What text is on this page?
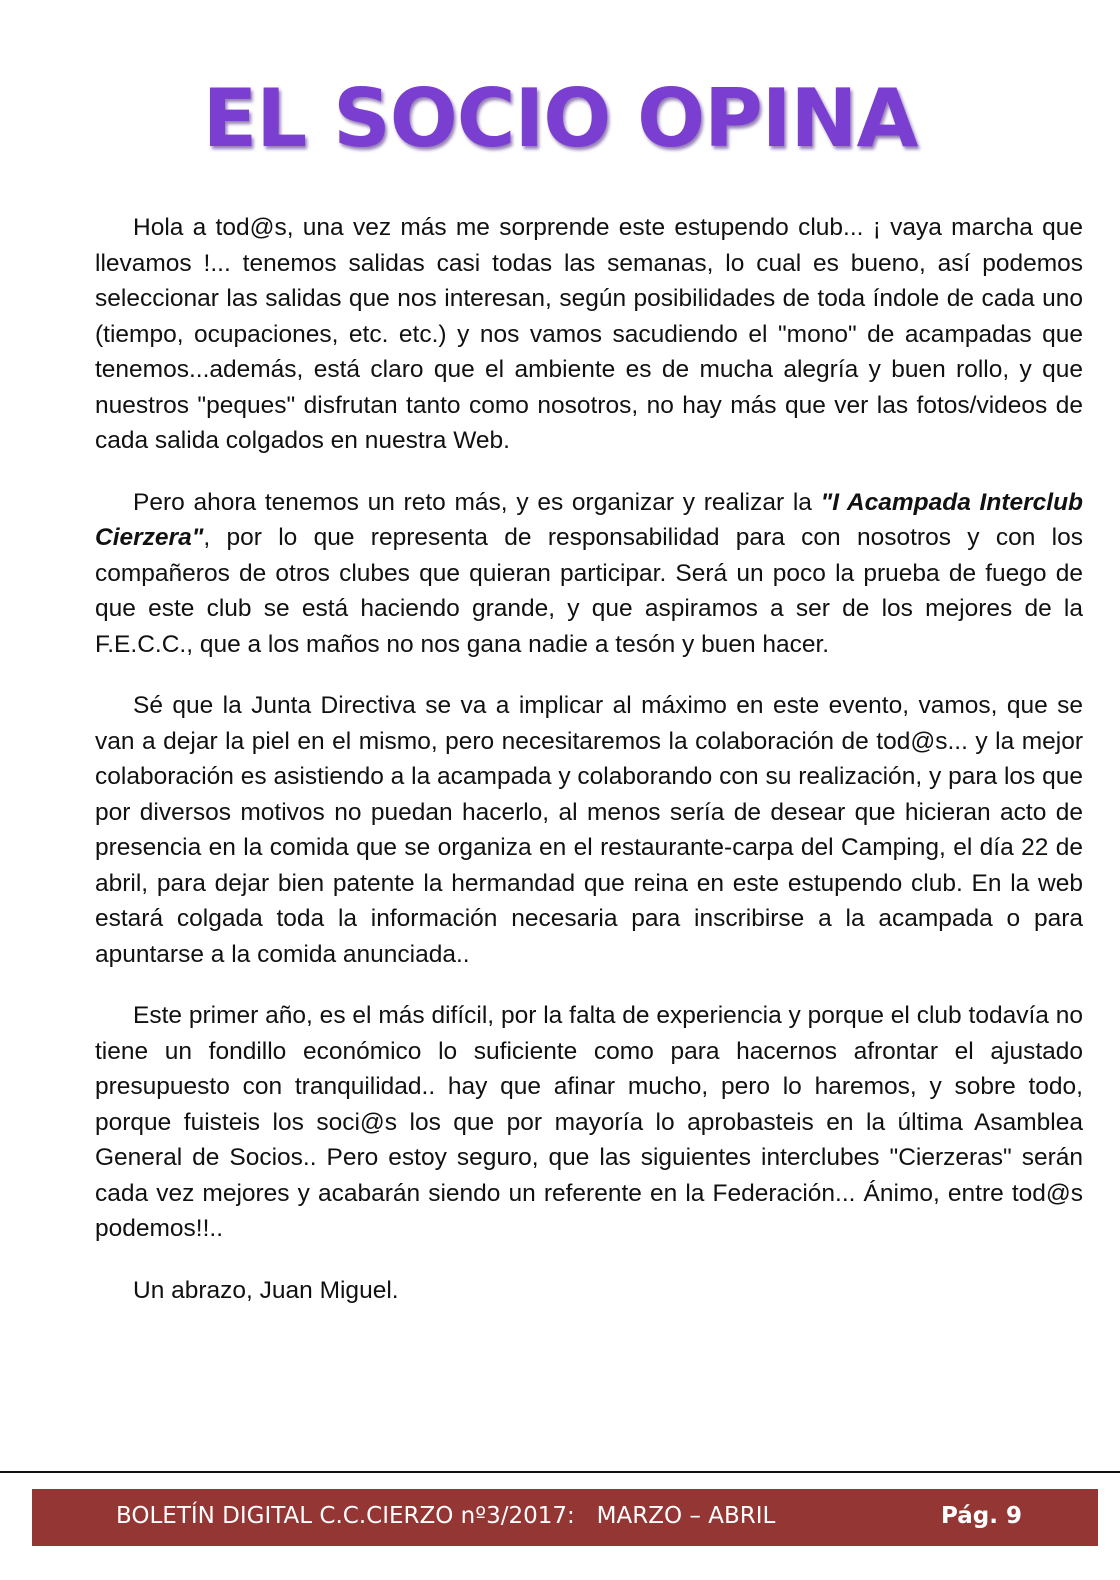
EL SOCIO OPINA

Hola a tod@s, una vez más me sorprende este estupendo club... ¡ vaya marcha que llevamos !... tenemos salidas casi todas las semanas, lo cual es bueno, así podemos seleccionar las salidas que nos interesan, según posibilidades de toda índole de cada uno (tiempo, ocupaciones, etc. etc.) y nos vamos sacudiendo el "mono" de acampadas que tenemos...además, está claro que el ambiente es de mucha alegría y buen rollo, y que nuestros "peques" disfrutan tanto como nosotros, no hay más que ver las fotos/videos de cada salida colgados en nuestra Web.

Pero ahora tenemos un reto más, y es organizar y realizar la "I Acampada Interclub Cierzera", por lo que representa de responsabilidad para con nosotros y con los compañeros de otros clubes que quieran participar. Será un poco la prueba de fuego de que este club se está haciendo grande, y que aspiramos a ser de los mejores de la F.E.C.C., que a los maños no nos gana nadie a tesón y buen hacer.

Sé que la Junta Directiva se va a implicar al máximo en este evento, vamos, que se van a dejar la piel en el mismo, pero necesitaremos la colaboración de tod@s... y la mejor colaboración es asistiendo a la acampada y colaborando con su realización, y para los que por diversos motivos no puedan hacerlo, al menos sería de desear que hicieran acto de presencia en la comida que se organiza en el restaurante-carpa del Camping, el día 22 de abril, para dejar bien patente la hermandad que reina en este estupendo club. En la web estará colgada toda la información necesaria para inscribirse a la acampada o para apuntarse a la comida anunciada..

Este primer año, es el más difícil, por la falta de experiencia y porque el club todavía no tiene un fondillo económico lo suficiente como para hacernos afrontar el ajustado presupuesto con tranquilidad.. hay que afinar mucho, pero lo haremos, y sobre todo, porque fuisteis los soci@s los que por mayoría lo aprobasteis en la última Asamblea General de Socios.. Pero estoy seguro, que las siguientes interclubes "Cierzeras" serán cada vez mejores y acabarán siendo un referente en la Federación... Ánimo, entre tod@s podemos!!..

Un abrazo, Juan Miguel.

BOLETÍN DIGITAL C.C.CIERZO nº3/2017:   MARZO – ABRIL	Pág. 9
